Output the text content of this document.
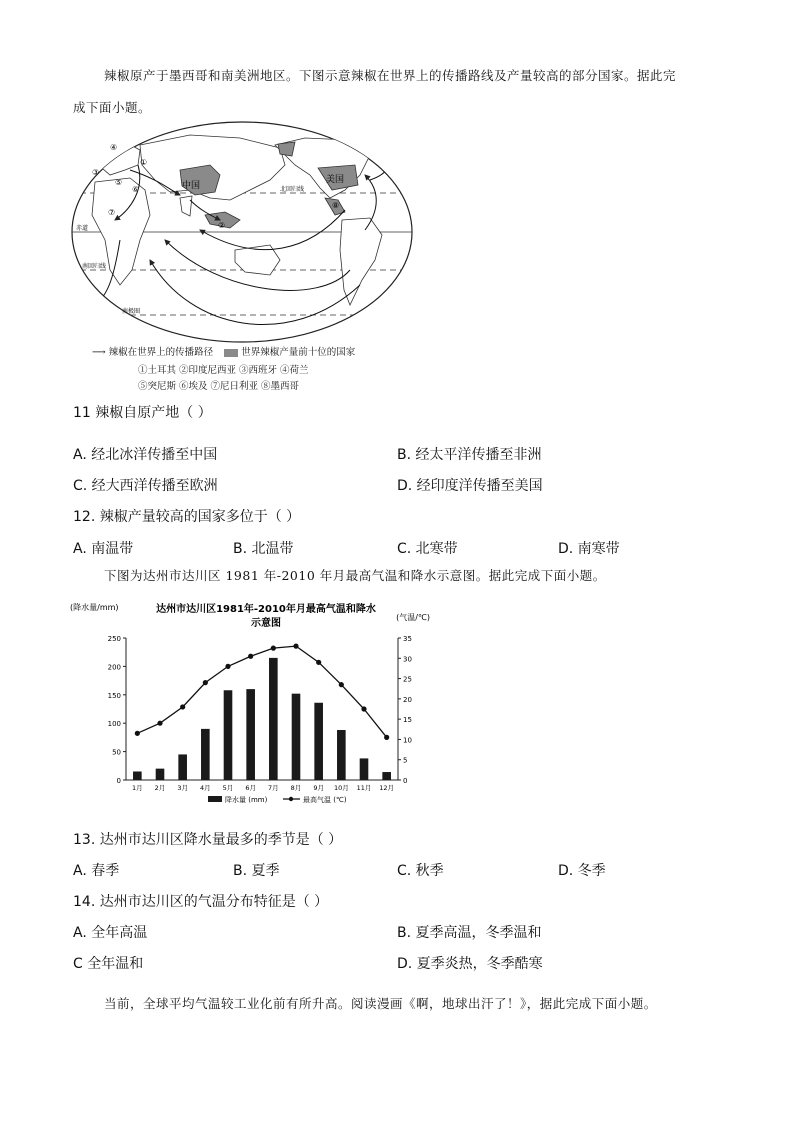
辣椒原产于墨西哥和南美洲地区。下图示意辣椒在世界上的传播路线及产量较高的部分国家。据此完
成下面小题。
中国
美国
北回归线
赤道
南回归线
南极圈
①
②
③
④
⑤
⑥
⑦
⑧
⟶ 辣椒在世界上的传播路径	世界辣椒产量前十位的国家
①土耳其 ②印度尼西亚 ③西班牙 ④荷兰
⑤突尼斯 ⑥埃及 ⑦尼日利亚 ⑧墨西哥
11 辣椒自原产地（ ）
A. 经北冰洋传播至中国	B. 经太平洋传播至非洲
C. 经大西洋传播至欧洲	D. 经印度洋传播至美国
12. 辣椒产量较高的国家多位于（ ）
A. 南温带	B. 北温带	C. 北寒带	D. 南寒带
下图为达州市达川区 1981 年-2010 年月最高气温和降水示意图。据此完成下面小题。
达州市达川区1981年-2010年月最高气温和降水
示意图
(降水量/mm)
(气温/℃)
0
50
100
150
200
250
0
5
10
15
20
25
30
35
1月 2月 3月 4月 5月 6月 7月 8月 9月 10月 11月 12月
降水量 (mm)	最高气温 (℃)
13. 达州市达川区降水量最多的季节是（ ）
A. 春季	B. 夏季	C. 秋季	D. 冬季
14. 达州市达川区的气温分布特征是（ ）
A. 全年高温	B. 夏季高温，冬季温和
C 全年温和	D. 夏季炎热，冬季酷寒
当前，全球平均气温较工业化前有所升高。阅读漫画《啊，地球出汗了！》，据此完成下面小题。
